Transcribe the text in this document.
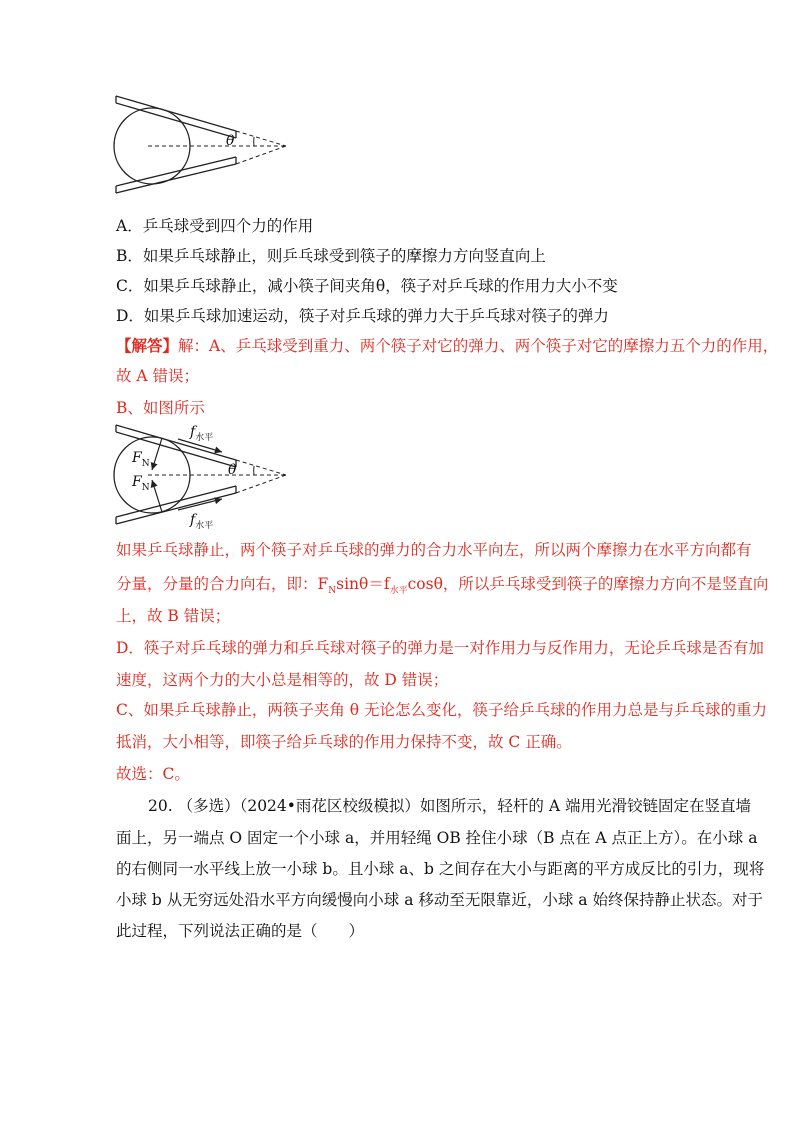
θ
A．乒乓球受到四个力的作用
B．如果乒乓球静止，则乒乓球受到筷子的摩擦力方向竖直向上
C．如果乒乓球静止，减小筷子间夹角θ，筷子对乒乓球的作用力大小不变
D．如果乒乓球加速运动，筷子对乒乓球的弹力大于乒乓球对筷子的弹力
【解答】解：A、乒乓球受到重力、两个筷子对它的弹力、两个筷子对它的摩擦力五个力的作用，
故 A 错误；
B、如图所示
$f_{水平}$
$f_{水平}$
$F_N$
$F_N$
θ
如果乒乓球静止，两个筷子对乒乓球的弹力的合力水平向左，所以两个摩擦力在水平方向都有
分量，分量的合力向右，即：$F_N\sin\theta=f_{水平}\cos\theta$，所以乒乓球受到筷子的摩擦力方向不是竖直向
上，故 B 错误；
D．筷子对乒乓球的弹力和乒乓球对筷子的弹力是一对作用力与反作用力，无论乒乓球是否有加
速度，这两个力的大小总是相等的，故 D 错误；
C、如果乒乓球静止，两筷子夹角 θ 无论怎么变化，筷子给乒乓球的作用力总是与乒乓球的重力
抵消，大小相等，即筷子给乒乓球的作用力保持不变，故 C 正确。
故选：C。
20. （多选）（2024•雨花区校级模拟）如图所示，轻杆的 A 端用光滑铰链固定在竖直墙
面上，另一端点 O 固定一个小球 a，并用轻绳 OB 拴住小球（B 点在 A 点正上方）。在小球 a
的右侧同一水平线上放一小球 b。且小球 a、b 之间存在大小与距离的平方成反比的引力，现将
小球 b 从无穷远处沿水平方向缓慢向小球 a 移动至无限靠近，小球 a 始终保持静止状态。对于
此过程，下列说法正确的是（　　）
